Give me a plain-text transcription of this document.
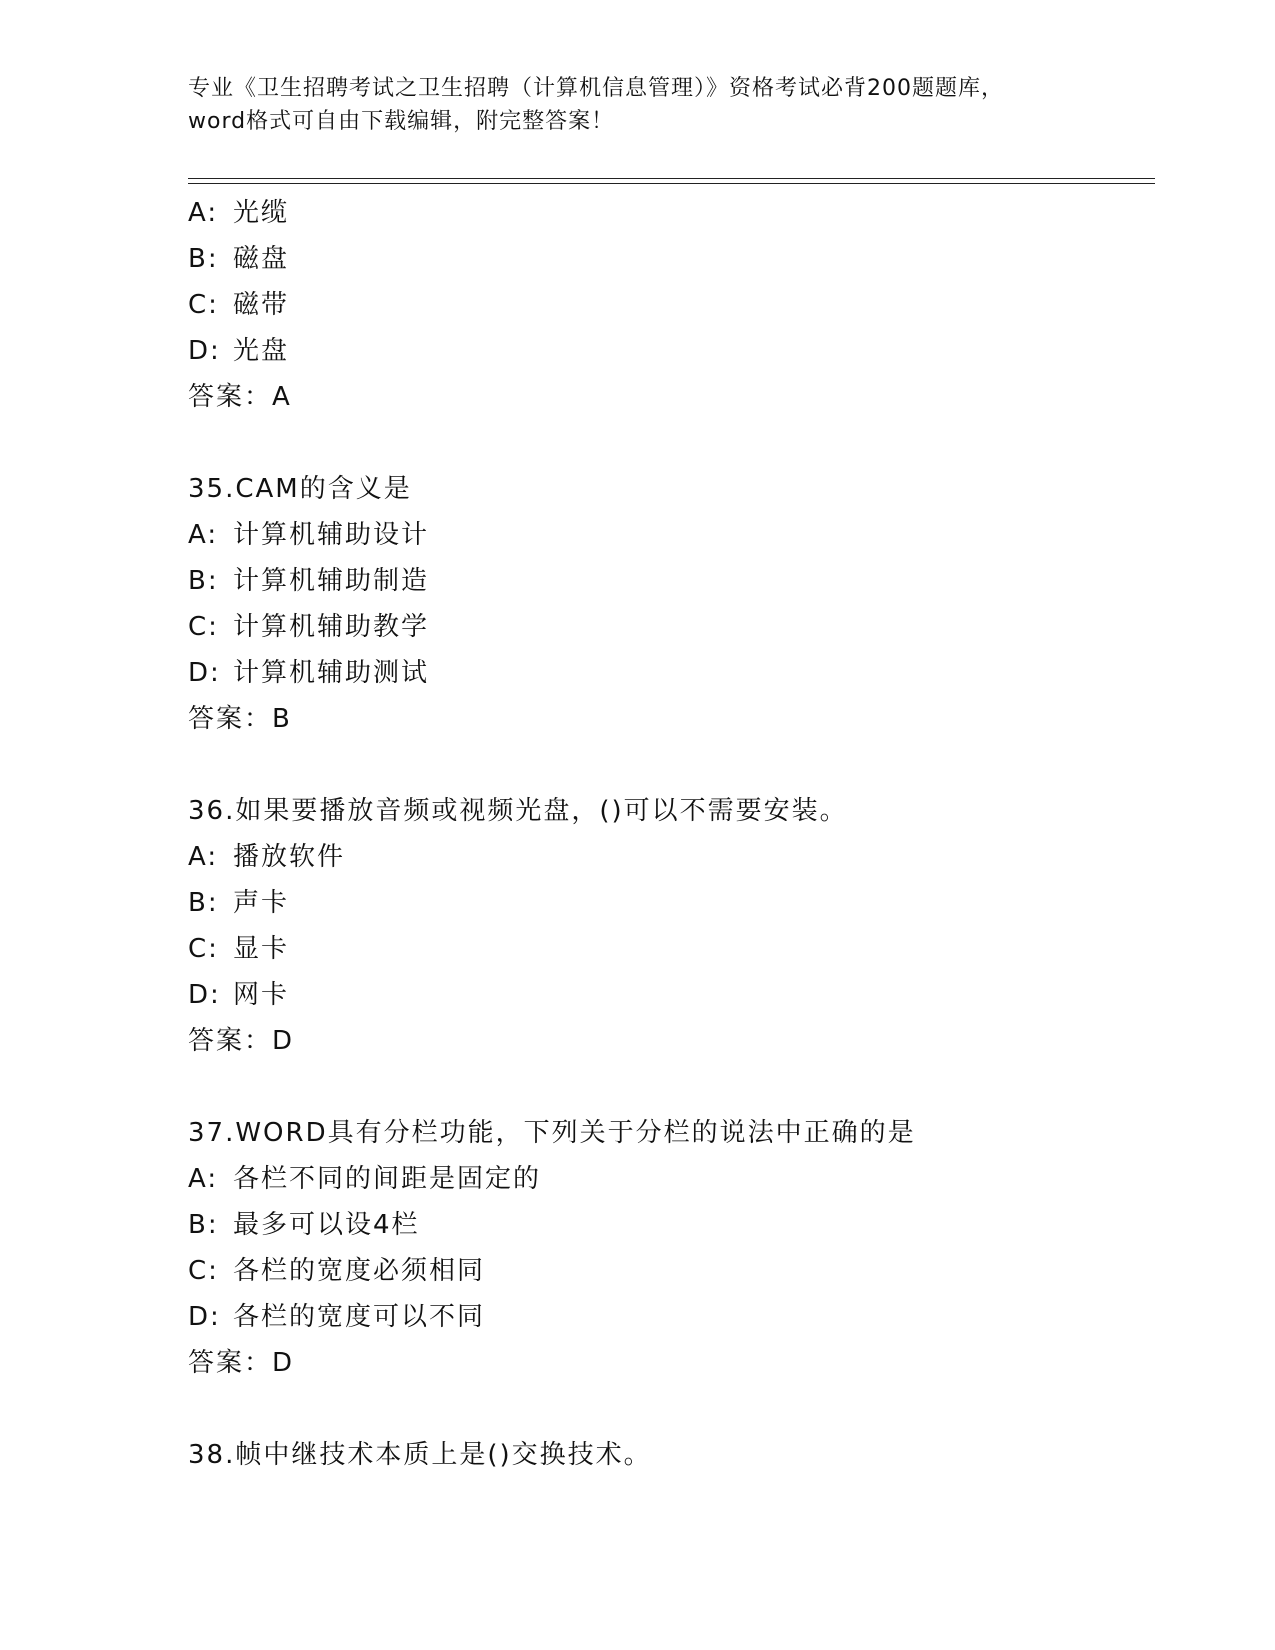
专业《卫生招聘考试之卫生招聘（计算机信息管理）》资格考试必背200题题库，
word格式可自由下载编辑，附完整答案！
A: 光缆
B: 磁盘
C: 磁带
D: 光盘
答案：A
35.CAM的含义是
A: 计算机辅助设计
B: 计算机辅助制造
C: 计算机辅助教学
D: 计算机辅助测试
答案：B
36.如果要播放音频或视频光盘，()可以不需要安装。
A: 播放软件
B: 声卡
C: 显卡
D: 网卡
答案：D
37.WORD具有分栏功能，下列关于分栏的说法中正确的是
A: 各栏不同的间距是固定的
B: 最多可以设4栏
C: 各栏的宽度必须相同
D: 各栏的宽度可以不同
答案：D
38.帧中继技术本质上是()交换技术。
